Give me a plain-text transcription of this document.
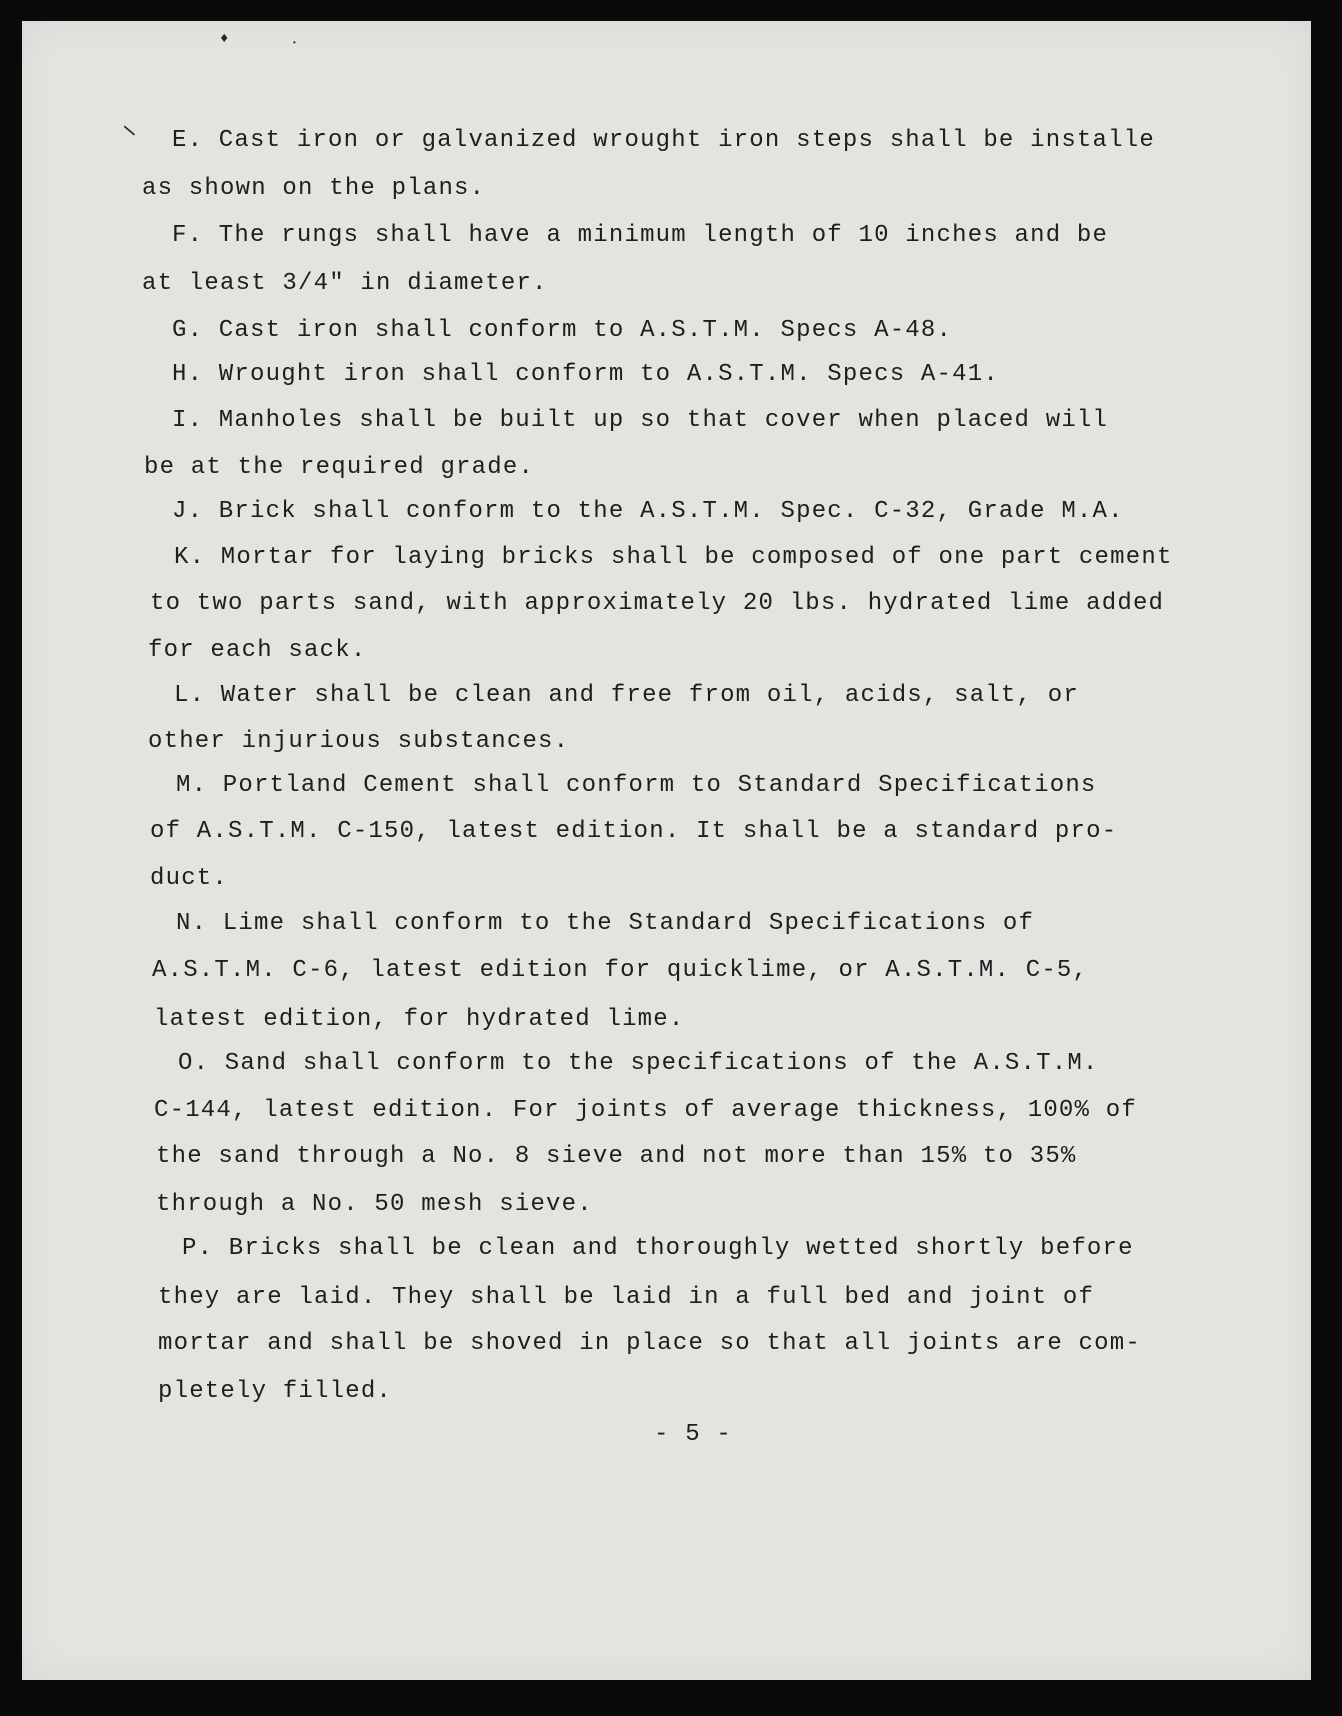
♦	•
─ E. Cast iron or galvanized wrought iron steps shall be installe
as shown on the plans.
F. The rungs shall have a minimum length of 10 inches and be
at least 3/4" in diameter.
G. Cast iron shall conform to A.S.T.M. Specs A-48.
H. Wrought iron shall conform to A.S.T.M. Specs A-41.
I. Manholes shall be built up so that cover when placed will
be at the required grade.
J. Brick shall conform to the A.S.T.M. Spec. C-32, Grade M.A.
K. Mortar for laying bricks shall be composed of one part cement
to two parts sand, with approximately 20 lbs. hydrated lime added
for each sack.
L. Water shall be clean and free from oil, acids, salt, or
other injurious substances.
M. Portland Cement shall conform to Standard Specifications
of A.S.T.M. C-150, latest edition. It shall be a standard pro-
duct.
N. Lime shall conform to the Standard Specifications of
A.S.T.M. C-6, latest edition for quicklime, or A.S.T.M. C-5,
latest edition, for hydrated lime.
O. Sand shall conform to the specifications of the A.S.T.M.
C-144, latest edition. For joints of average thickness, 100% of
the sand through a No. 8 sieve and not more than 15% to 35%
through a No. 50 mesh sieve.
P. Bricks shall be clean and thoroughly wetted shortly before
they are laid. They shall be laid in a full bed and joint of
mortar and shall be shoved in place so that all joints are com-
pletely filled.
- 5 -
